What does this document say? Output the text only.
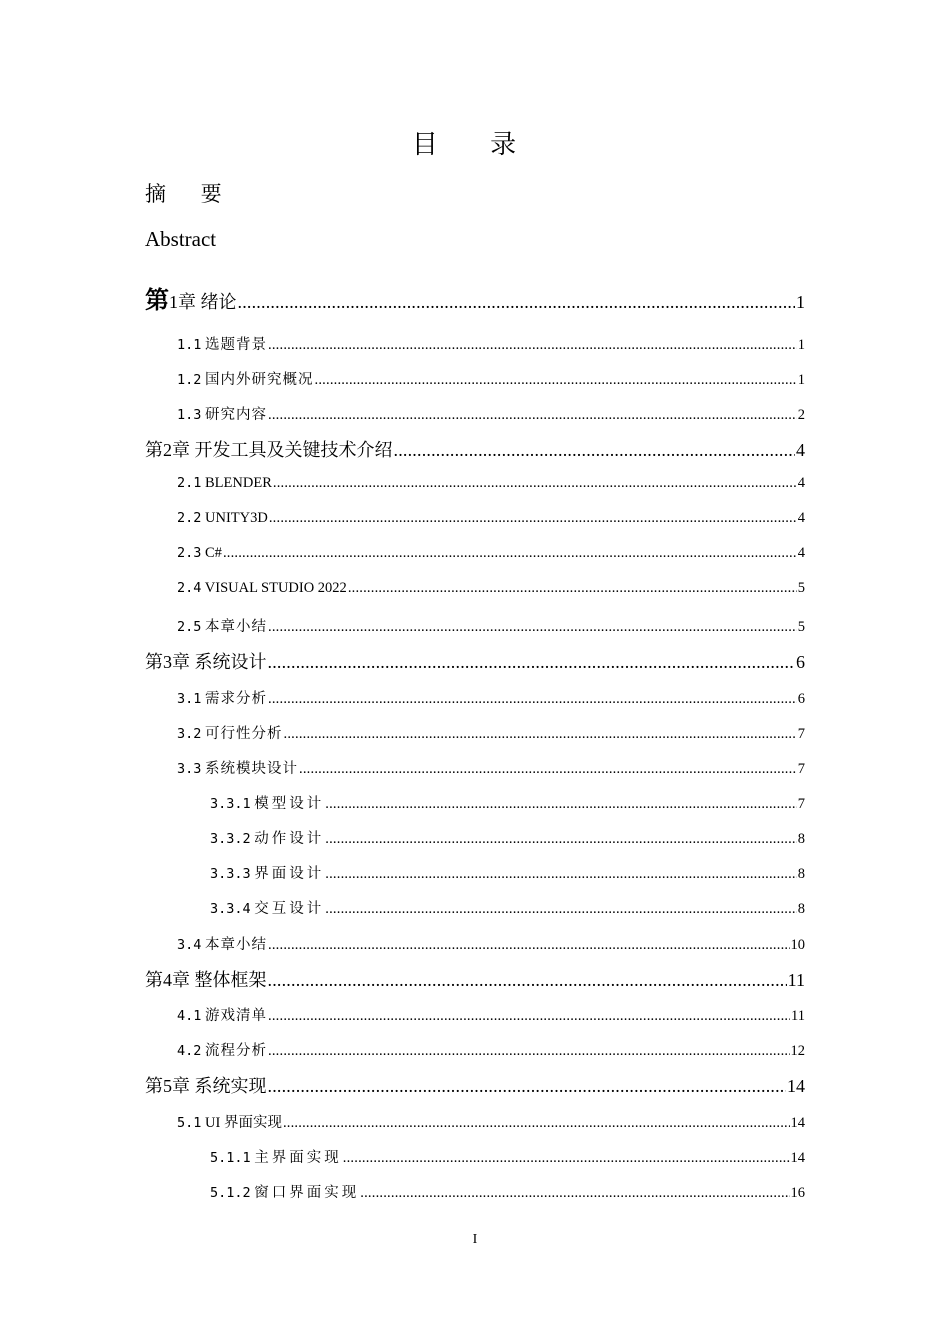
目 录
摘 要
Abstract
第1章 绪论 .....	1
1.1 选题背景 .....	1
1.2 国内外研究概况 .....	1
1.3 研究内容 .....	2
第2章 开发工具及关键技术介绍 .....	4
2.1 BLENDER .....	4
2.2 UNITY3D .....	4
2.3 C# .....	4
2.4 VISUAL STUDIO 2022 .....	5
2.5 本章小结 .....	5
第3章 系统设计 .....	6
3.1 需求分析 .....	6
3.2 可行性分析 .....	7
3.3 系统模块设计 .....	7
3.3.1 模型设计 .....	7
3.3.2 动作设计 .....	8
3.3.3 界面设计 .....	8
3.3.4 交互设计 .....	8
3.4 本章小结 .....	10
第4章 整体框架 .....	11
4.1 游戏清单 .....	11
4.2 流程分析 .....	12
第5章 系统实现 .....	14
5.1 UI 界面实现 .....	14
5.1.1 主界面实现 .....	14
5.1.2 窗口界面实现 .....	16
I
